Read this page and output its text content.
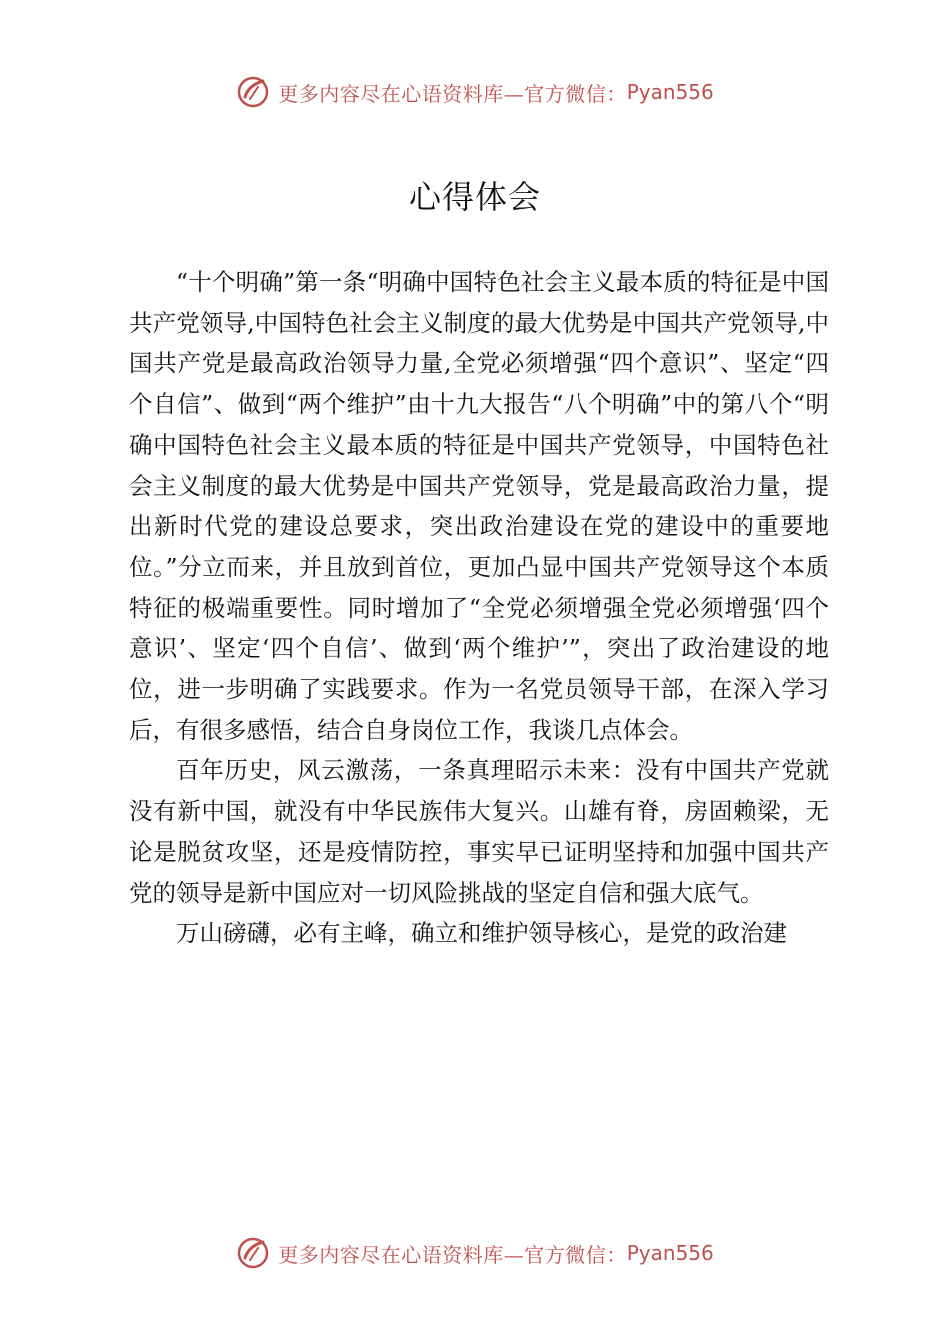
更多内容尽在心语资料库—官方微信： Pyan556
心得体会

“十个明确”第一条“明确中国特色社会主义最本质的特征是中国共产党领导,中国特色社会主义制度的最大优势是中国共产党领导,中国共产党是最高政治领导力量,全党必须增强“四个意识”、坚定“四个自信”、做到“两个维护”由十九大报告“八个明确”中的第八个“明确中国特色社会主义最本质的特征是中国共产党领导，中国特色社会主义制度的最大优势是中国共产党领导，党是最高政治力量，提出新时代党的建设总要求，突出政治建设在党的建设中的重要地位。”分立而来，并且放到首位，更加凸显中国共产党领导这个本质特征的极端重要性。同时增加了“全党必须增强全党必须增强‘四个意识’、坚定‘四个自信’、做到‘两个维护’”，突出了政治建设的地位，进一步明确了实践要求。作为一名党员领导干部，在深入学习后，有很多感悟，结合自身岗位工作，我谈几点体会。

百年历史，风云激荡，一条真理昭示未来：没有中国共产党就没有新中国，就没有中华民族伟大复兴。山雄有脊，房固赖梁，无论是脱贫攻坚，还是疫情防控，事实早已证明坚持和加强中国共产党的领导是新中国应对一切风险挑战的坚定自信和强大底气。

万山磅礴，必有主峰，确立和维护领导核心，是党的政治建

更多内容尽在心语资料库—官方微信： Pyan556
